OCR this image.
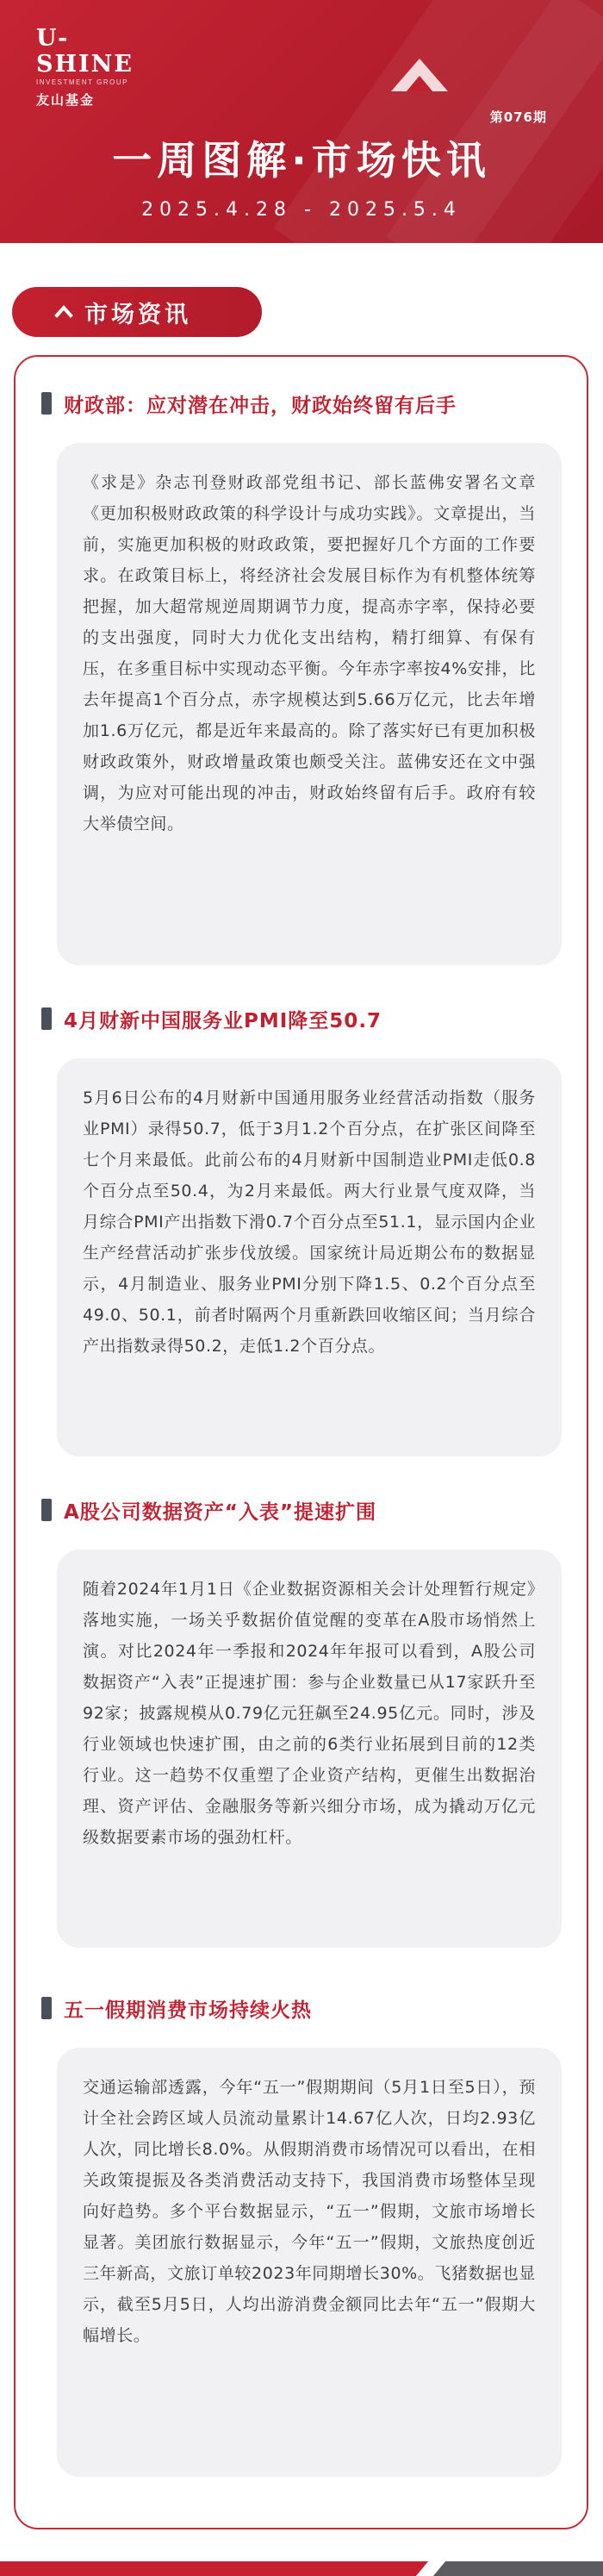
U-SHINE
INVESTMENT GROUP
友山基金
第076期
一周图解·市场快讯
2025.4.28 - 2025.5.4
市场资讯
财政部：应对潜在冲击，财政始终留有后手
《求是》杂志刊登财政部党组书记、部长蓝佛安署名文章《更加积极财政政策的科学设计与成功实践》。文章提出，当前，实施更加积极的财政政策，要把握好几个方面的工作要求。在政策目标上，将经济社会发展目标作为有机整体统筹把握，加大超常规逆周期调节力度，提高赤字率，保持必要的支出强度，同时大力优化支出结构，精打细算、有保有压，在多重目标中实现动态平衡。今年赤字率按4%安排，比去年提高1个百分点，赤字规模达到5.66万亿元，比去年增加1.6万亿元，都是近年来最高的。除了落实好已有更加积极财政政策外，财政增量政策也颇受关注。蓝佛安还在文中强调，为应对可能出现的冲击，财政始终留有后手。政府有较大举债空间。
4月财新中国服务业PMI降至50.7
5月6日公布的4月财新中国通用服务业经营活动指数（服务业PMI）录得50.7，低于3月1.2个百分点，在扩张区间降至七个月来最低。此前公布的4月财新中国制造业PMI走低0.8个百分点至50.4，为2月来最低。两大行业景气度双降，当月综合PMI产出指数下滑0.7个百分点至51.1，显示国内企业生产经营活动扩张步伐放缓。国家统计局近期公布的数据显示，4月制造业、服务业PMI分别下降1.5、0.2个百分点至49.0、50.1，前者时隔两个月重新跌回收缩区间；当月综合产出指数录得50.2，走低1.2个百分点。
A股公司数据资产“入表”提速扩围
随着2024年1月1日《企业数据资源相关会计处理暂行规定》落地实施，一场关乎数据价值觉醒的变革在A股市场悄然上演。对比2024年一季报和2024年年报可以看到，A股公司数据资产“入表”正提速扩围：参与企业数量已从17家跃升至92家；披露规模从0.79亿元狂飙至24.95亿元。同时，涉及行业领域也快速扩围，由之前的6类行业拓展到目前的12类行业。这一趋势不仅重塑了企业资产结构，更催生出数据治理、资产评估、金融服务等新兴细分市场，成为撬动万亿元级数据要素市场的强劲杠杆。
五一假期消费市场持续火热
交通运输部透露，今年“五一”假期期间（5月1日至5日），预计全社会跨区域人员流动量累计14.67亿人次，日均2.93亿人次，同比增长8.0%。从假期消费市场情况可以看出，在相关政策提振及各类消费活动支持下，我国消费市场整体呈现向好趋势。多个平台数据显示，“五一”假期，文旅市场增长显著。美团旅行数据显示，今年“五一”假期，文旅热度创近三年新高，文旅订单较2023年同期增长30%。飞猪数据也显示，截至5月5日，人均出游消费金额同比去年“五一”假期大幅增长。
